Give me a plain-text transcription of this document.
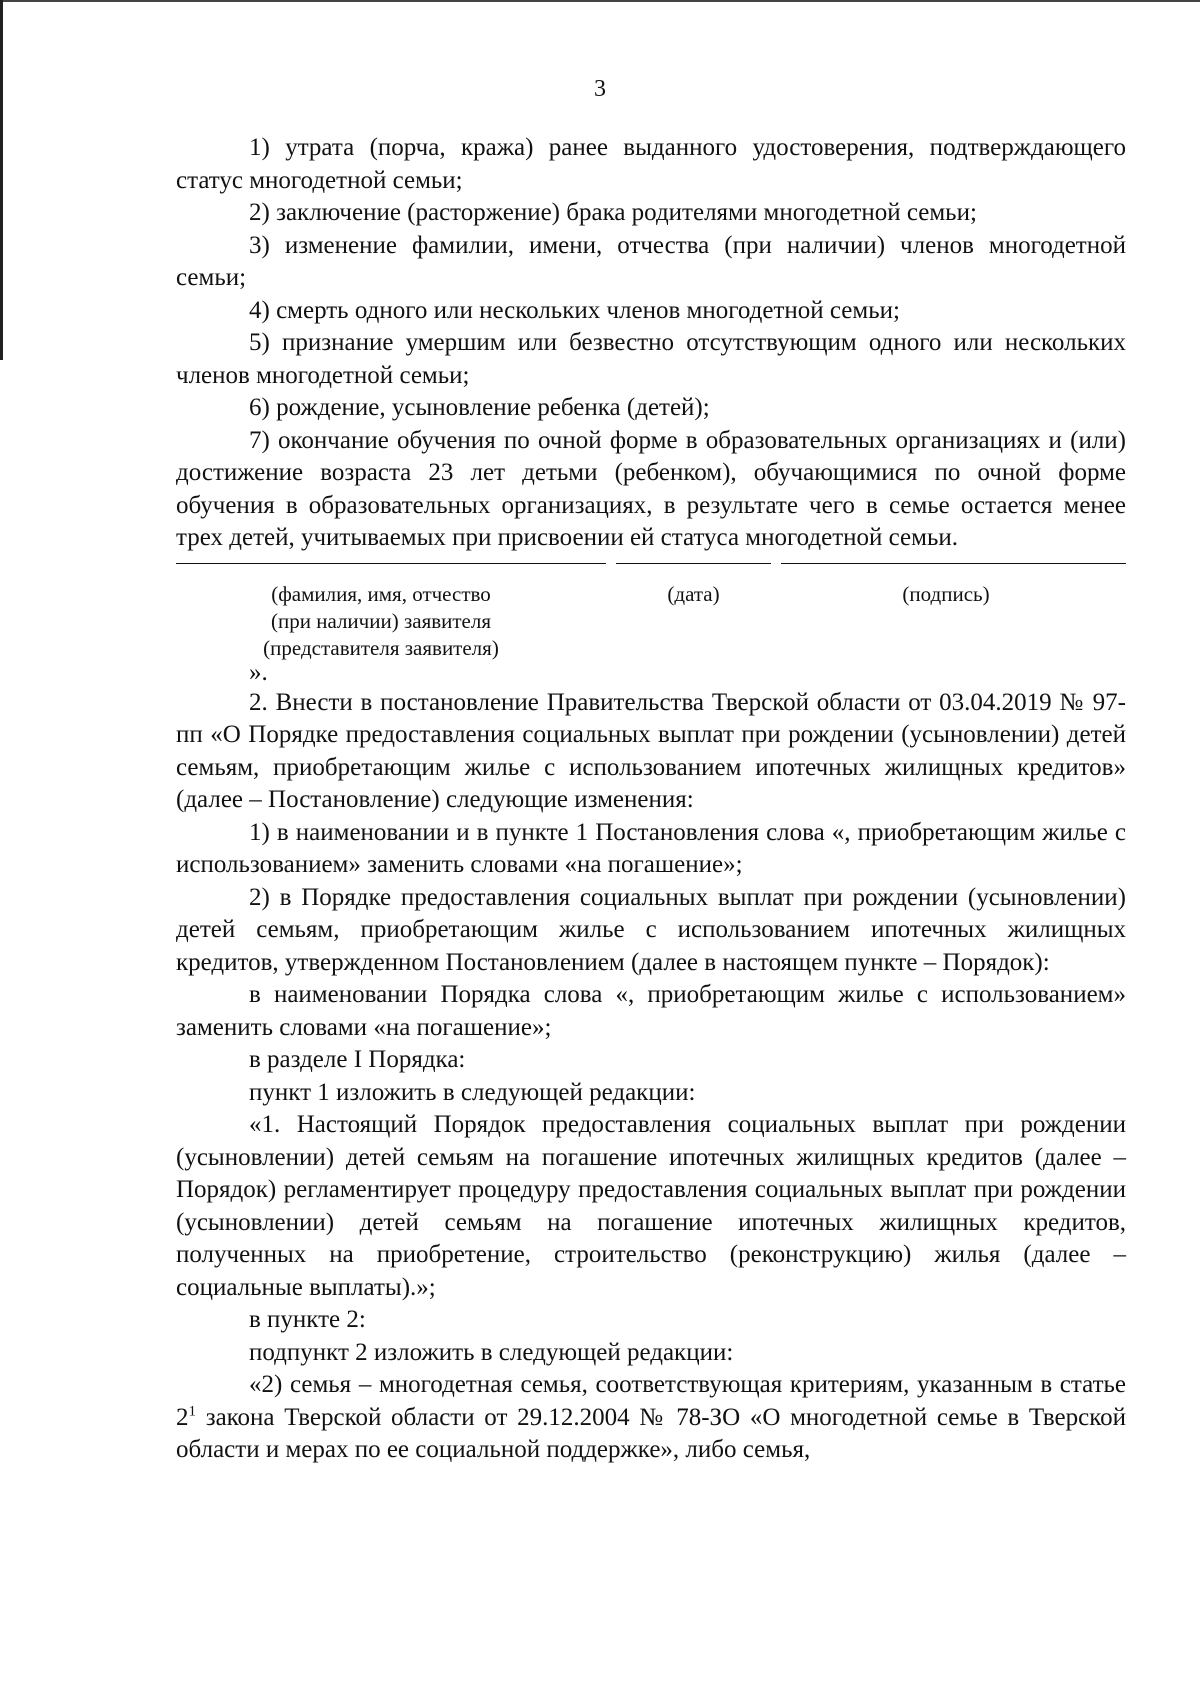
3

1) утрата (порча, кража) ранее выданного удостоверения, подтверждающего статус многодетной семьи;

2) заключение (расторжение) брака родителями многодетной семьи;

3) изменение фамилии, имени, отчества (при наличии) членов многодетной семьи;

4) смерть одного или нескольких членов многодетной семьи;

5) признание умершим или безвестно отсутствующим одного или нескольких членов многодетной семьи;

6) рождение, усыновление ребенка (детей);

7) окончание обучения по очной форме в образовательных организациях и (или) достижение возраста 23 лет детьми (ребенком), обучающимися по очной форме обучения в образовательных организациях, в результате чего в семье остается менее трех детей, учитываемых при присвоении ей статуса многодетной семьи.

(фамилия, имя, отчество
(при наличии) заявителя
(представителя заявителя)
(дата)	(подпись)

».

2. Внести в постановление Правительства Тверской области от 03.04.2019 № 97-пп «О Порядке предоставления социальных выплат при рождении (усыновлении) детей семьям, приобретающим жилье с использованием ипотечных жилищных кредитов» (далее – Постановление) следующие изменения:

1) в наименовании и в пункте 1 Постановления слова «, приобретающим жилье с использованием» заменить словами «на погашение»;

2) в Порядке предоставления социальных выплат при рождении (усыновлении) детей семьям, приобретающим жилье с использованием ипотечных жилищных кредитов, утвержденном Постановлением (далее в настоящем пункте – Порядок):

в наименовании Порядка слова «, приобретающим жилье с использованием» заменить словами «на погашение»;

в разделе I Порядка:

пункт 1 изложить в следующей редакции:

«1. Настоящий Порядок предоставления социальных выплат при рождении (усыновлении) детей семьям на погашение ипотечных жилищных кредитов (далее – Порядок) регламентирует процедуру предоставления социальных выплат при рождении (усыновлении) детей семьям на погашение ипотечных жилищных кредитов, полученных на приобретение, строительство (реконструкцию) жилья (далее – социальные выплаты).»;

в пункте 2:

подпункт 2 изложить в следующей редакции:

«2) семья – многодетная семья, соответствующая критериям, указанным в статье $2^1$ закона Тверской области от 29.12.2004 № 78-ЗО «О многодетной семье в Тверской области и мерах по ее социальной поддержке», либо семья,
